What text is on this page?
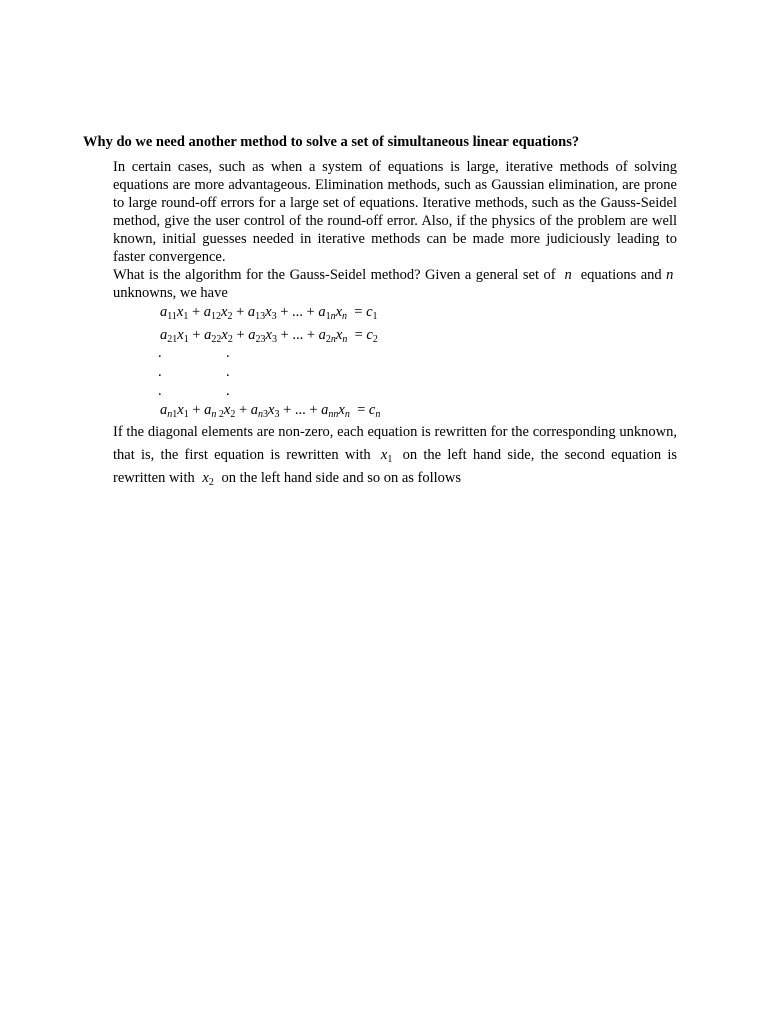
Why do we need another method to solve a set of simultaneous linear equations?

In certain cases, such as when a system of equations is large, iterative methods of solving equations are more advantageous. Elimination methods, such as Gaussian elimination, are prone to large round-off errors for a large set of equations. Iterative methods, such as the Gauss-Seidel method, give the user control of the round-off error. Also, if the physics of the problem are well known, initial guesses needed in iterative methods can be made more judiciously leading to faster convergence.

What is the algorithm for the Gauss-Seidel method? Given a general set of n equations and n  unknowns, we have

$a_{11}x_1 + a_{12}x_2 + a_{13}x_3$ + ... + $a_{1n}x_n = c_1$

$a_{21}x_1 + a_{22}x_2 + a_{23}x_3$ + ... + $a_{2n}x_n = c_2$

.	.
.	.
.	.

$a_{n1}x_1 + a_{n 2}x_2 + a_{n3}x_3$ + ... + $a_{nn}x_n = c_n$

If the diagonal elements are non-zero, each equation is rewritten for the corresponding unknown, that is, the first equation is rewritten with $x_1$ on the left hand side, the second equation is rewritten with $x_2$ on the left hand side and so on as follows
